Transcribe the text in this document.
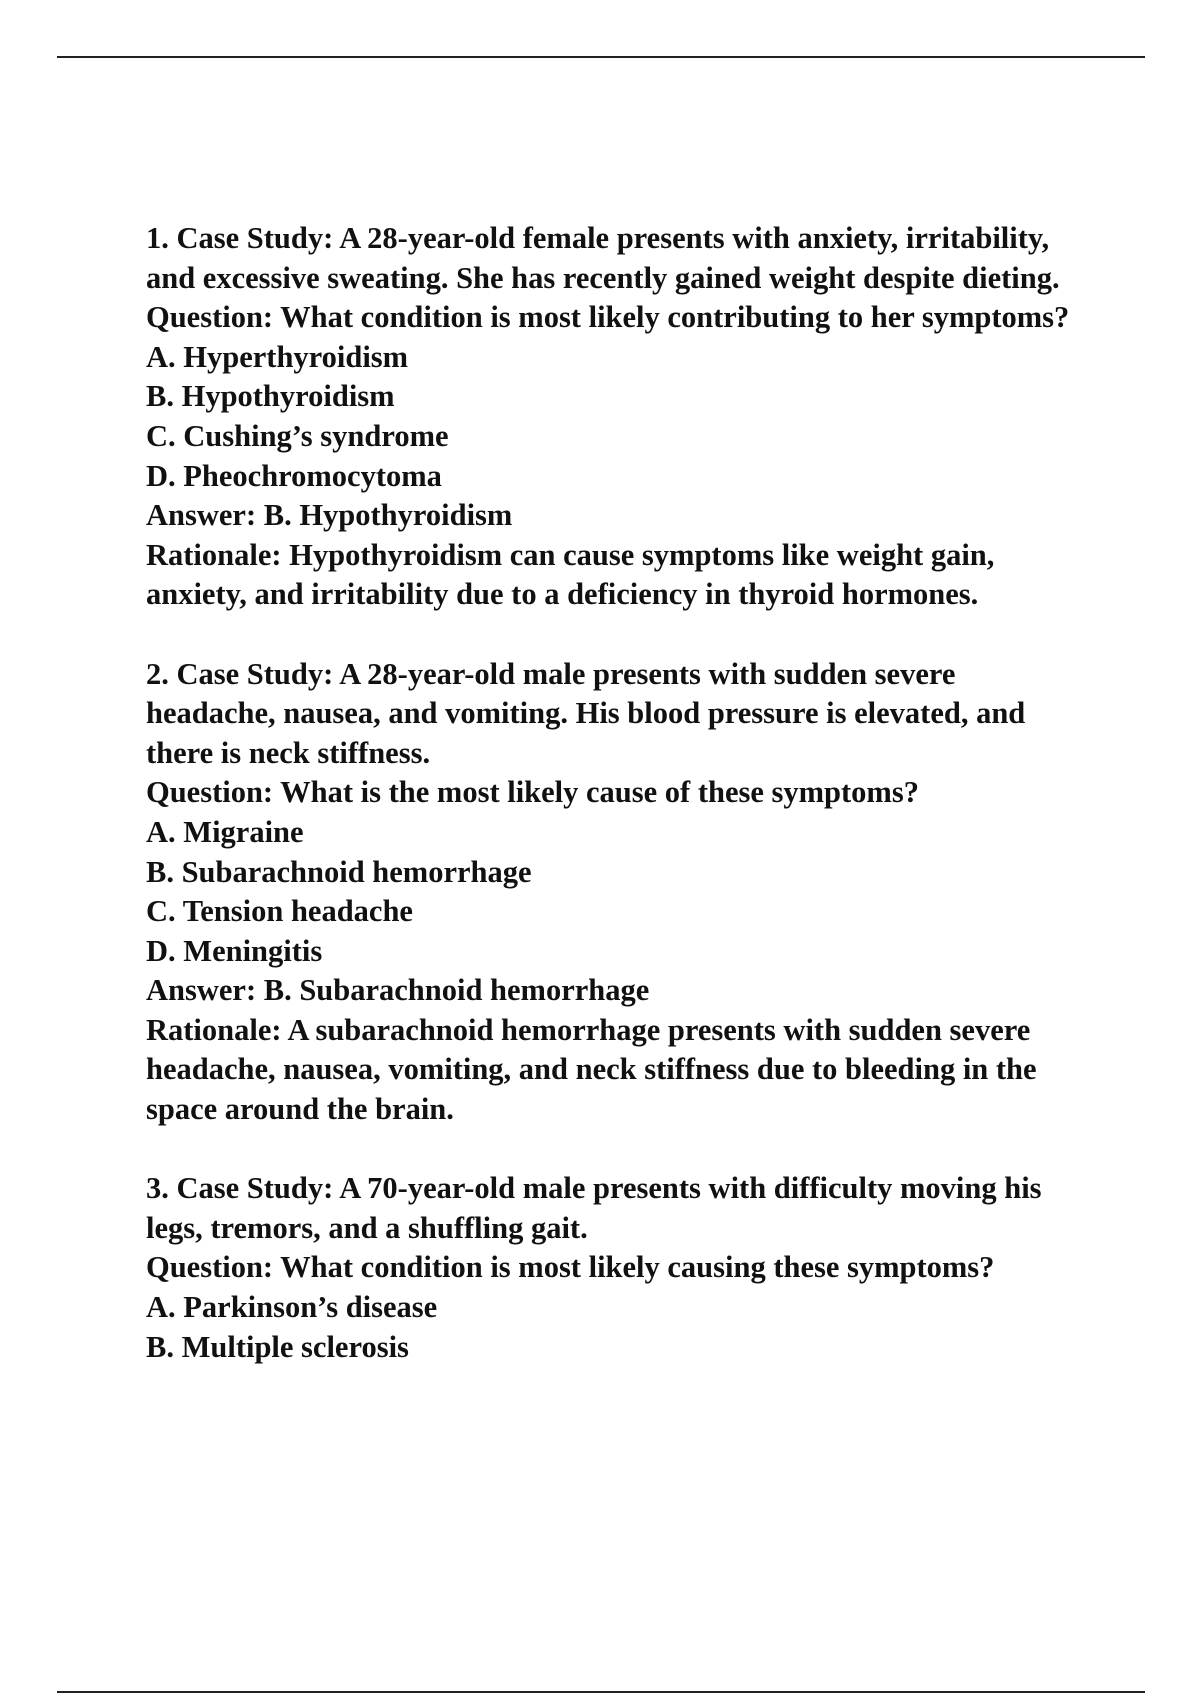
1. Case Study: A 28-year-old female presents with anxiety, irritability, and excessive sweating. She has recently gained weight despite dieting.

Question: What condition is most likely contributing to her symptoms?

A. Hyperthyroidism

B. Hypothyroidism

C. Cushing’s syndrome

D. Pheochromocytoma

Answer: B. Hypothyroidism

Rationale: Hypothyroidism can cause symptoms like weight gain, anxiety, and irritability due to a deficiency in thyroid hormones.

2. Case Study: A 28-year-old male presents with sudden severe headache, nausea, and vomiting. His blood pressure is elevated, and there is neck stiffness.

Question: What is the most likely cause of these symptoms?

A. Migraine

B. Subarachnoid hemorrhage

C. Tension headache

D. Meningitis

Answer: B. Subarachnoid hemorrhage

Rationale: A subarachnoid hemorrhage presents with sudden severe headache, nausea, vomiting, and neck stiffness due to bleeding in the space around the brain.

3. Case Study: A 70-year-old male presents with difficulty moving his legs, tremors, and a shuffling gait.

Question: What condition is most likely causing these symptoms?

A. Parkinson’s disease

B. Multiple sclerosis
